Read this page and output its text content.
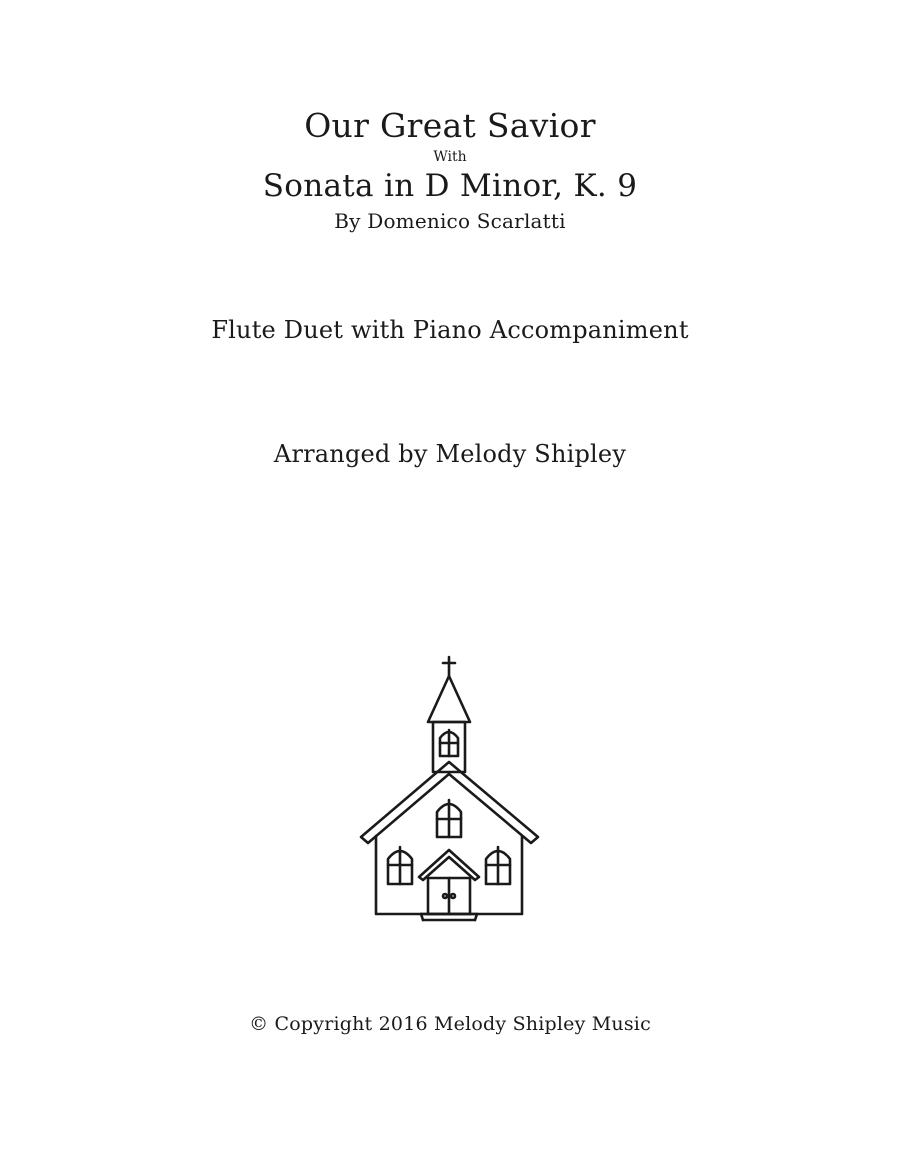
Our Great Savior
With
Sonata in D Minor, K. 9
By Domenico Scarlatti
Flute Duet with Piano Accompaniment
Arranged by Melody Shipley
© Copyright 2016 Melody Shipley Music
